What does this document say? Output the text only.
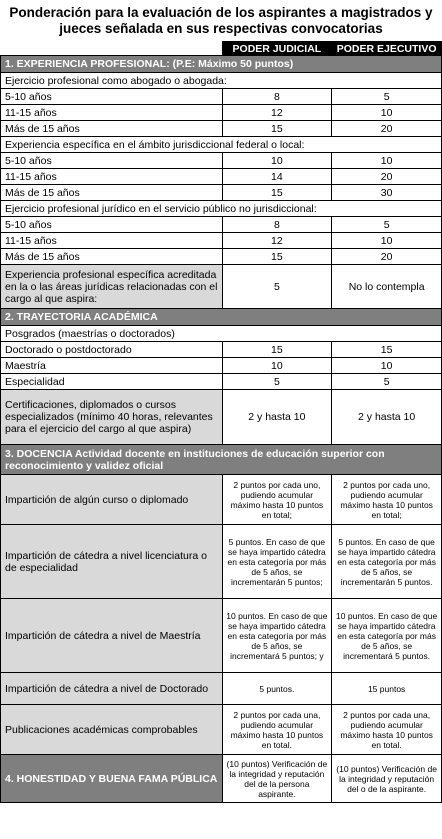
Ponderación para la evaluación de los aspirantes a magistrados y jueces señalada en sus respectivas convocatorias
	PODER JUDICIAL	PODER EJECUTIVO
1. EXPERIENCIA PROFESIONAL: (P.E: Máximo 50 puntos)		
Ejercicio profesional como abogado o abogada:		
5-10 años	8	5
11-15 años	12	10
Más de 15 años	15	20
Experiencia específica en el ámbito jurisdiccional federal o local:		
5-10 años	10	10
11-15 años	14	20
Más de 15 años	15	30
Ejercicio profesional jurídico en el servicio público no jurisdiccional:		
5-10 años	8	5
11-15 años	12	10
Más de 15 años	15	20
Experiencia profesional específica acreditada en la o las áreas jurídicas relacionadas con el cargo al que aspira:	5	No lo contempla
2. TRAYECTORIA ACADÉMICA		
Posgrados (maestrías o doctorados)		
Doctorado o postdoctorado	15	15
Maestría	10	10
Especialidad	5	5
Certificaciones, diplomados o cursos especializados (mínimo 40 horas, relevantes para el ejercicio del cargo al que aspira)	2 y hasta 10	2 y hasta 10
3. DOCENCIA Actividad docente en instituciones de educación superior con reconocimiento y validez oficial		
Impartición de algún curso o diplomado	2 puntos por cada uno, pudiendo acumular máximo hasta 10 puntos en total;	2 puntos por cada uno, pudiendo acumular máximo hasta 10 puntos en total;
Impartición de cátedra a nivel licenciatura o de especialidad	5 puntos. En caso de que se haya impartido cátedra en esta categoría por más de 5 años, se incrementarán 5 puntos;	5 puntos. En caso de que se haya impartido cátedra en esta categoría por más de 5 años, se incrementarán 5 puntos.
Impartición de cátedra a nivel de Maestría	10 puntos. En caso de que se haya impartido cátedra en esta categoría por más de 5 años, se incrementará 5 puntos; y	10 puntos. En caso de que se haya impartido cátedra en esta categoría por más de 5 años, se incrementará 5 puntos.
Impartición de cátedra a nivel de Doctorado	5 puntos.	15 puntos
Publicaciones académicas comprobables	2 puntos por cada una, pudiendo acumular máximo hasta 10 puntos en total.	2 puntos por cada una, pudiendo acumular máximo hasta 10 puntos en total.
4. HONESTIDAD Y BUENA FAMA PÚBLICA	(10 puntos) Verificación de la integridad y reputación del de la persona aspirante.	(10 puntos) Verificación de la integridad y reputación del o de la aspirante.
